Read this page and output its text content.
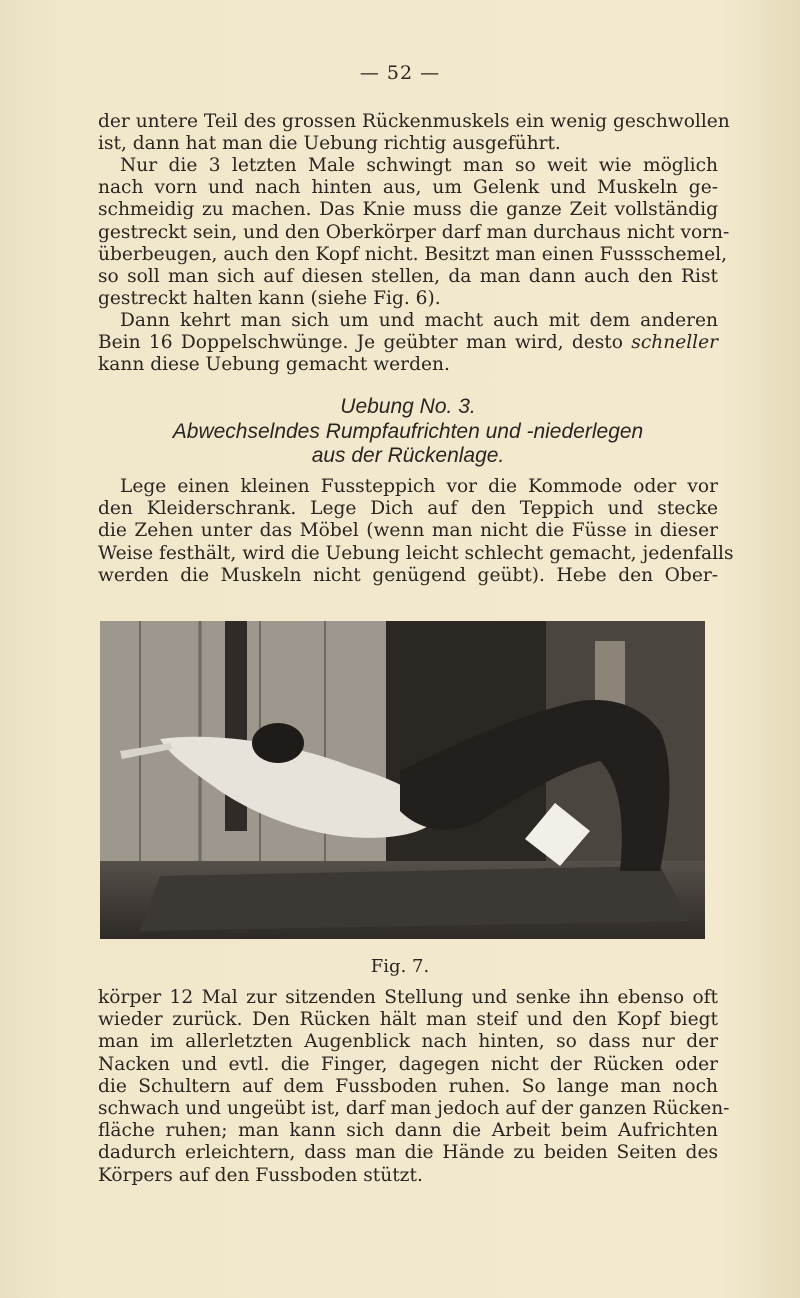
— 52 —
der untere Teil des grossen Rückenmuskels ein wenig geschwollen
ist, dann hat man die Uebung richtig ausgeführt.
Nur die 3 letzten Male schwingt man so weit wie möglich
nach vorn und nach hinten aus, um Gelenk und Muskeln ge-
schmeidig zu machen. Das Knie muss die ganze Zeit vollständig
gestreckt sein, und den Oberkörper darf man durchaus nicht vorn-
überbeugen, auch den Kopf nicht. Besitzt man einen Fussschemel,
so soll man sich auf diesen stellen, da man dann auch den Rist
gestreckt halten kann (siehe Fig. 6).
Dann kehrt man sich um und macht auch mit dem anderen
Bein 16 Doppelschwünge. Je geübter man wird, desto schneller
kann diese Uebung gemacht werden.
Uebung No. 3.
Abwechselndes Rumpfaufrichten und -niederlegen
aus der Rückenlage.
Lege einen kleinen Fussteppich vor die Kommode oder vor
den Kleiderschrank. Lege Dich auf den Teppich und stecke
die Zehen unter das Möbel (wenn man nicht die Füsse in dieser
Weise festhält, wird die Uebung leicht schlecht gemacht, jedenfalls
werden die Muskeln nicht genügend geübt). Hebe den Ober-
Fig. 7.
körper 12 Mal zur sitzenden Stellung und senke ihn ebenso oft
wieder zurück. Den Rücken hält man steif und den Kopf biegt
man im allerletzten Augenblick nach hinten, so dass nur der
Nacken und evtl. die Finger, dagegen nicht der Rücken oder
die Schultern auf dem Fussboden ruhen. So lange man noch
schwach und ungeübt ist, darf man jedoch auf der ganzen Rücken-
fläche ruhen; man kann sich dann die Arbeit beim Aufrichten
dadurch erleichtern, dass man die Hände zu beiden Seiten des
Körpers auf den Fussboden stützt.
